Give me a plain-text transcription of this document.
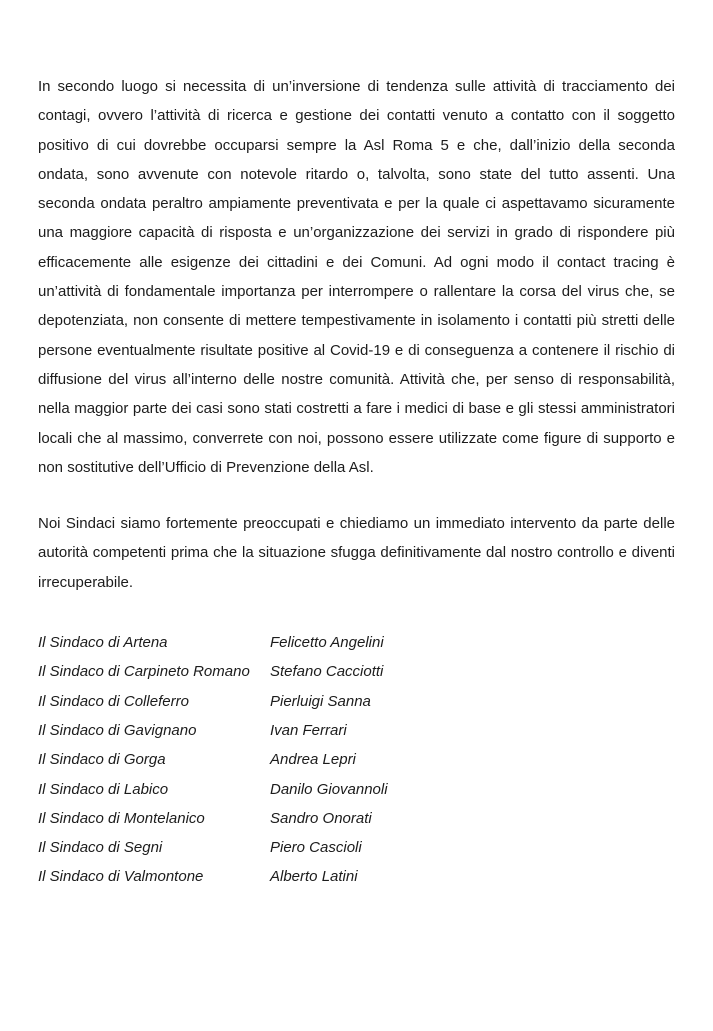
In secondo luogo si necessita di un’inversione di tendenza sulle attività di tracciamento dei contagi, ovvero l’attività di ricerca e gestione dei contatti venuto a contatto con il soggetto positivo di cui dovrebbe occuparsi sempre la Asl Roma 5 e che, dall’inizio della seconda ondata, sono avvenute con notevole ritardo o, talvolta, sono state del tutto assenti. Una seconda ondata peraltro ampiamente preventivata e per la quale ci aspettavamo sicuramente una maggiore capacità di risposta e un’organizzazione dei servizi in grado di rispondere più efficacemente alle esigenze dei cittadini e dei Comuni. Ad ogni modo il contact tracing è un’attività di fondamentale importanza per interrompere o rallentare la corsa del virus che, se depotenziata, non consente di mettere tempestivamente in isolamento i contatti più stretti delle persone eventualmente risultate positive al Covid-19 e di conseguenza a contenere il rischio di diffusione del virus all’interno delle nostre comunità. Attività che, per senso di responsabilità, nella maggior parte dei casi sono stati costretti a fare i medici di base e gli stessi amministratori locali che al massimo, converrete con noi, possono essere utilizzate come figure di supporto e non sostitutive dell’Ufficio di Prevenzione della Asl.

Noi Sindaci siamo fortemente preoccupati e chiediamo un immediato intervento da parte delle autorità competenti prima che la situazione sfugga definitivamente dal nostro controllo e diventi irrecuperabile.

Il Sindaco di Artena	Felicetto Angelini
Il Sindaco di Carpineto Romano	Stefano Cacciotti
Il Sindaco di Colleferro	Pierluigi Sanna
Il Sindaco di Gavignano	Ivan Ferrari
Il Sindaco di Gorga	Andrea Lepri
Il Sindaco di Labico	Danilo Giovannoli
Il Sindaco di Montelanico	Sandro Onorati
Il Sindaco di Segni	Piero Cascioli
Il Sindaco di Valmontone	Alberto Latini
